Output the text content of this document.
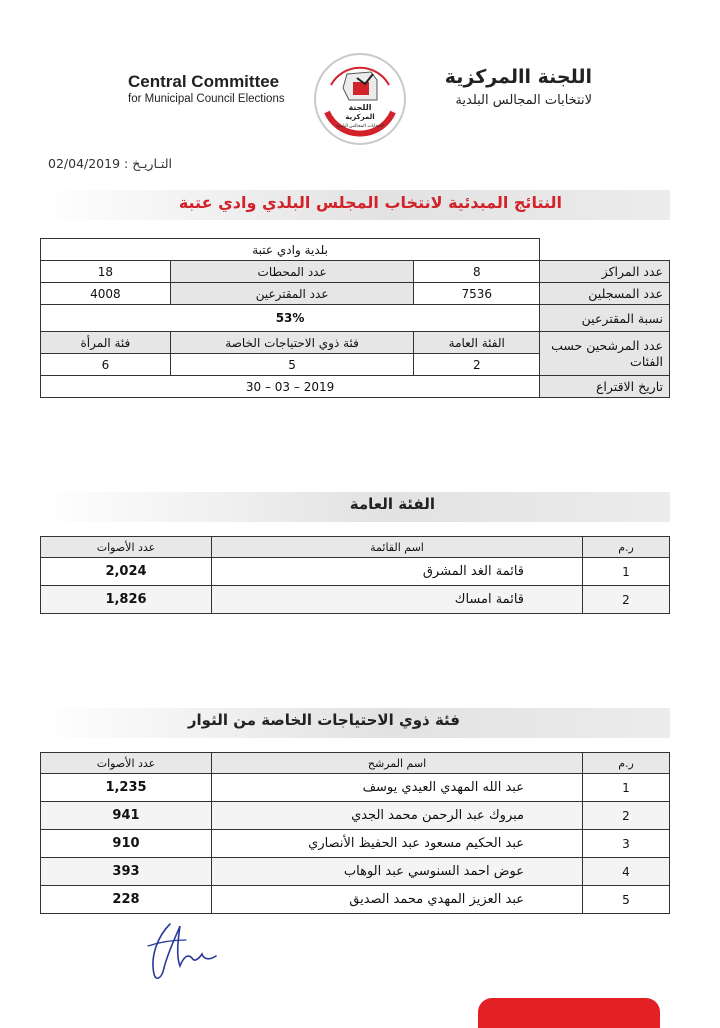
Central Committee
for Municipal Council Elections
اللجنة االمركزية
لانتخابات المجالس البلدية
اللجنة
المركزية
لانتخابات المجالس البلدية
التـاريـخ : 02/04/2019
النتائج المبدئية لانتخاب المجلس البلدي وادي عتبة
	بلدية وادي عتبة		
عدد المراكز	8	عدد المحطات	18
عدد المسجلين	7536	عدد المقترعين	4008
نسبة المقترعين	53%		
عدد المرشحين حسب الفئات	الفئة العامة	فئة ذوي الاحتياجات الخاصة	فئة المرأة
	2	5	6
تاريخ الاقتراع	2019 – 03 – 30		
الفئة العامة
ر.م	اسم القائمة	عدد الأصوات
1	قائمة الغد المشرق	2,024
2	قائمة امساك	1,826
فئة ذوي الاحتياجات الخاصة من الثوار
ر.م	اسم المرشح	عدد الأصوات
1	عبد الله المهدي العيدي يوسف	1,235
2	مبروك عبد الرحمن محمد الجدي	941
3	عبد الحكيم مسعود عبد الحفيظ الأنصاري	910
4	عوض احمد السنوسي عبد الوهاب	393
5	عبد العزيز المهدي محمد الصديق	228
